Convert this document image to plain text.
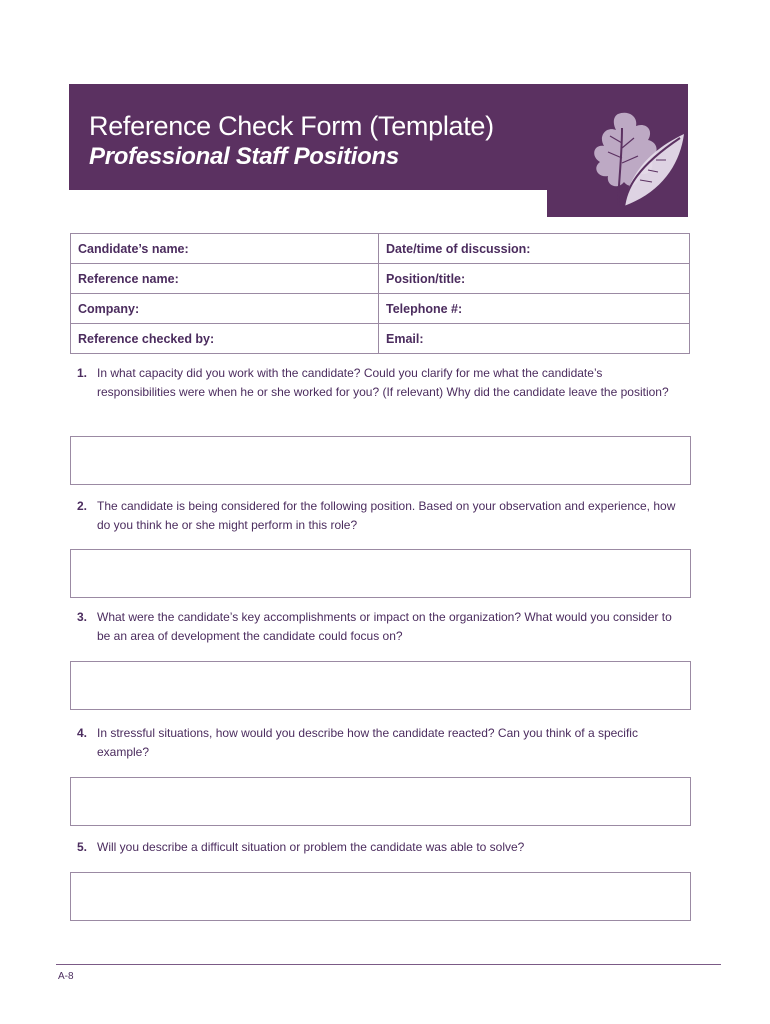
Reference Check Form (Template)
Professional Staff Positions
Candidate’s name:	Date/time of discussion:
Reference name:	Position/title:
Company:	Telephone #:
Reference checked by:	Email:
1. In what capacity did you work with the candidate? Could you clarify for me what the candidate’s responsibilities were when he or she worked for you? (If relevant) Why did the candidate leave the position?
2. The candidate is being considered for the following position. Based on your observation and experience, how do you think he or she might perform in this role?
3. What were the candidate’s key accomplishments or impact on the organization? What would you consider to be an area of development the candidate could focus on?
4. In stressful situations, how would you describe how the candidate reacted? Can you think of a specific example?
5. Will you describe a difficult situation or problem the candidate was able to solve?
A-8
